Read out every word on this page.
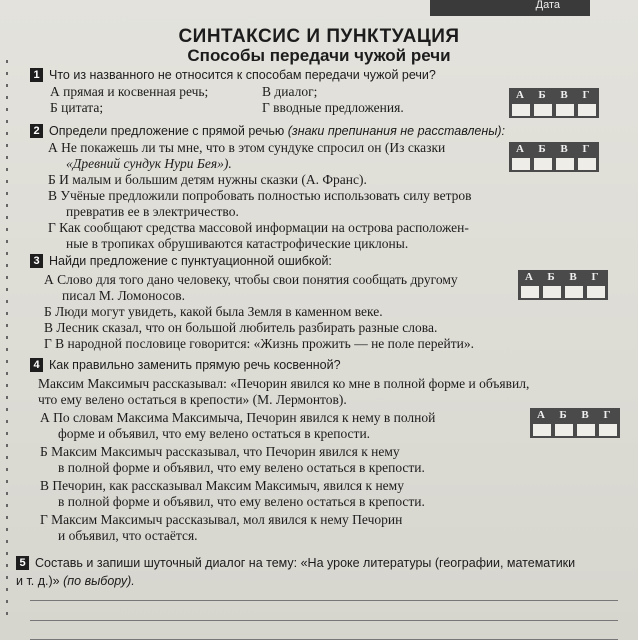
Дата
СИНТАКСИС И ПУНКТУАЦИЯ
Способы передачи чужой речи
1 Что из названного не относится к способам передачи чужой речи?
А прямая и косвенная речь;
Б цитата;
В диалог;
Г вводные предложения.
А	Б	В	Г
2 Определи предложение с прямой речью (знаки препинания не расставлены):
А Не покажешь ли ты мне, что в этом сундуке спросил он (Из сказки
«Древний сундук Нури Бея»).
Б И малым и большим детям нужны сказки (А. Франс).
В Учёные предложили попробовать полностью использовать силу ветров
превратив ее в электричество.
Г Как сообщают средства массовой информации на острова расположен-
ные в тропиках обрушиваются катастрофические циклоны.
А	Б	В	Г
3 Найди предложение с пунктуационной ошибкой:
А Слово для того дано человеку, чтобы свои понятия сообщать другому
писал М. Ломоносов.
Б Люди могут увидеть, какой была Земля в каменном веке.
В Лесник сказал, что он большой любитель разбирать разные слова.
Г В народной пословице говорится: «Жизнь прожить — не поле перейти».
А	Б	В	Г
4 Как правильно заменить прямую речь косвенной?
Максим Максимыч рассказывал: «Печорин явился ко мне в полной форме и объявил,
что ему велено остаться в крепости» (М. Лермонтов).
А По словам Максима Максимыча, Печорин явился к нему в полной
форме и объявил, что ему велено остаться в крепости.
Б Максим Максимыч рассказывал, что Печорин явился к нему
в полной форме и объявил, что ему велено остаться в крепости.
В Печорин, как рассказывал Максим Максимыч, явился к нему
в полной форме и объявил, что ему велено остаться в крепости.
Г Максим Максимыч рассказывал, мол явился к нему Печорин
и объявил, что остаётся.
А	Б	В	Г
5 Составь и запиши шуточный диалог на тему: «На уроке литературы (географии, математики
и т. д.)» (по выбору).
